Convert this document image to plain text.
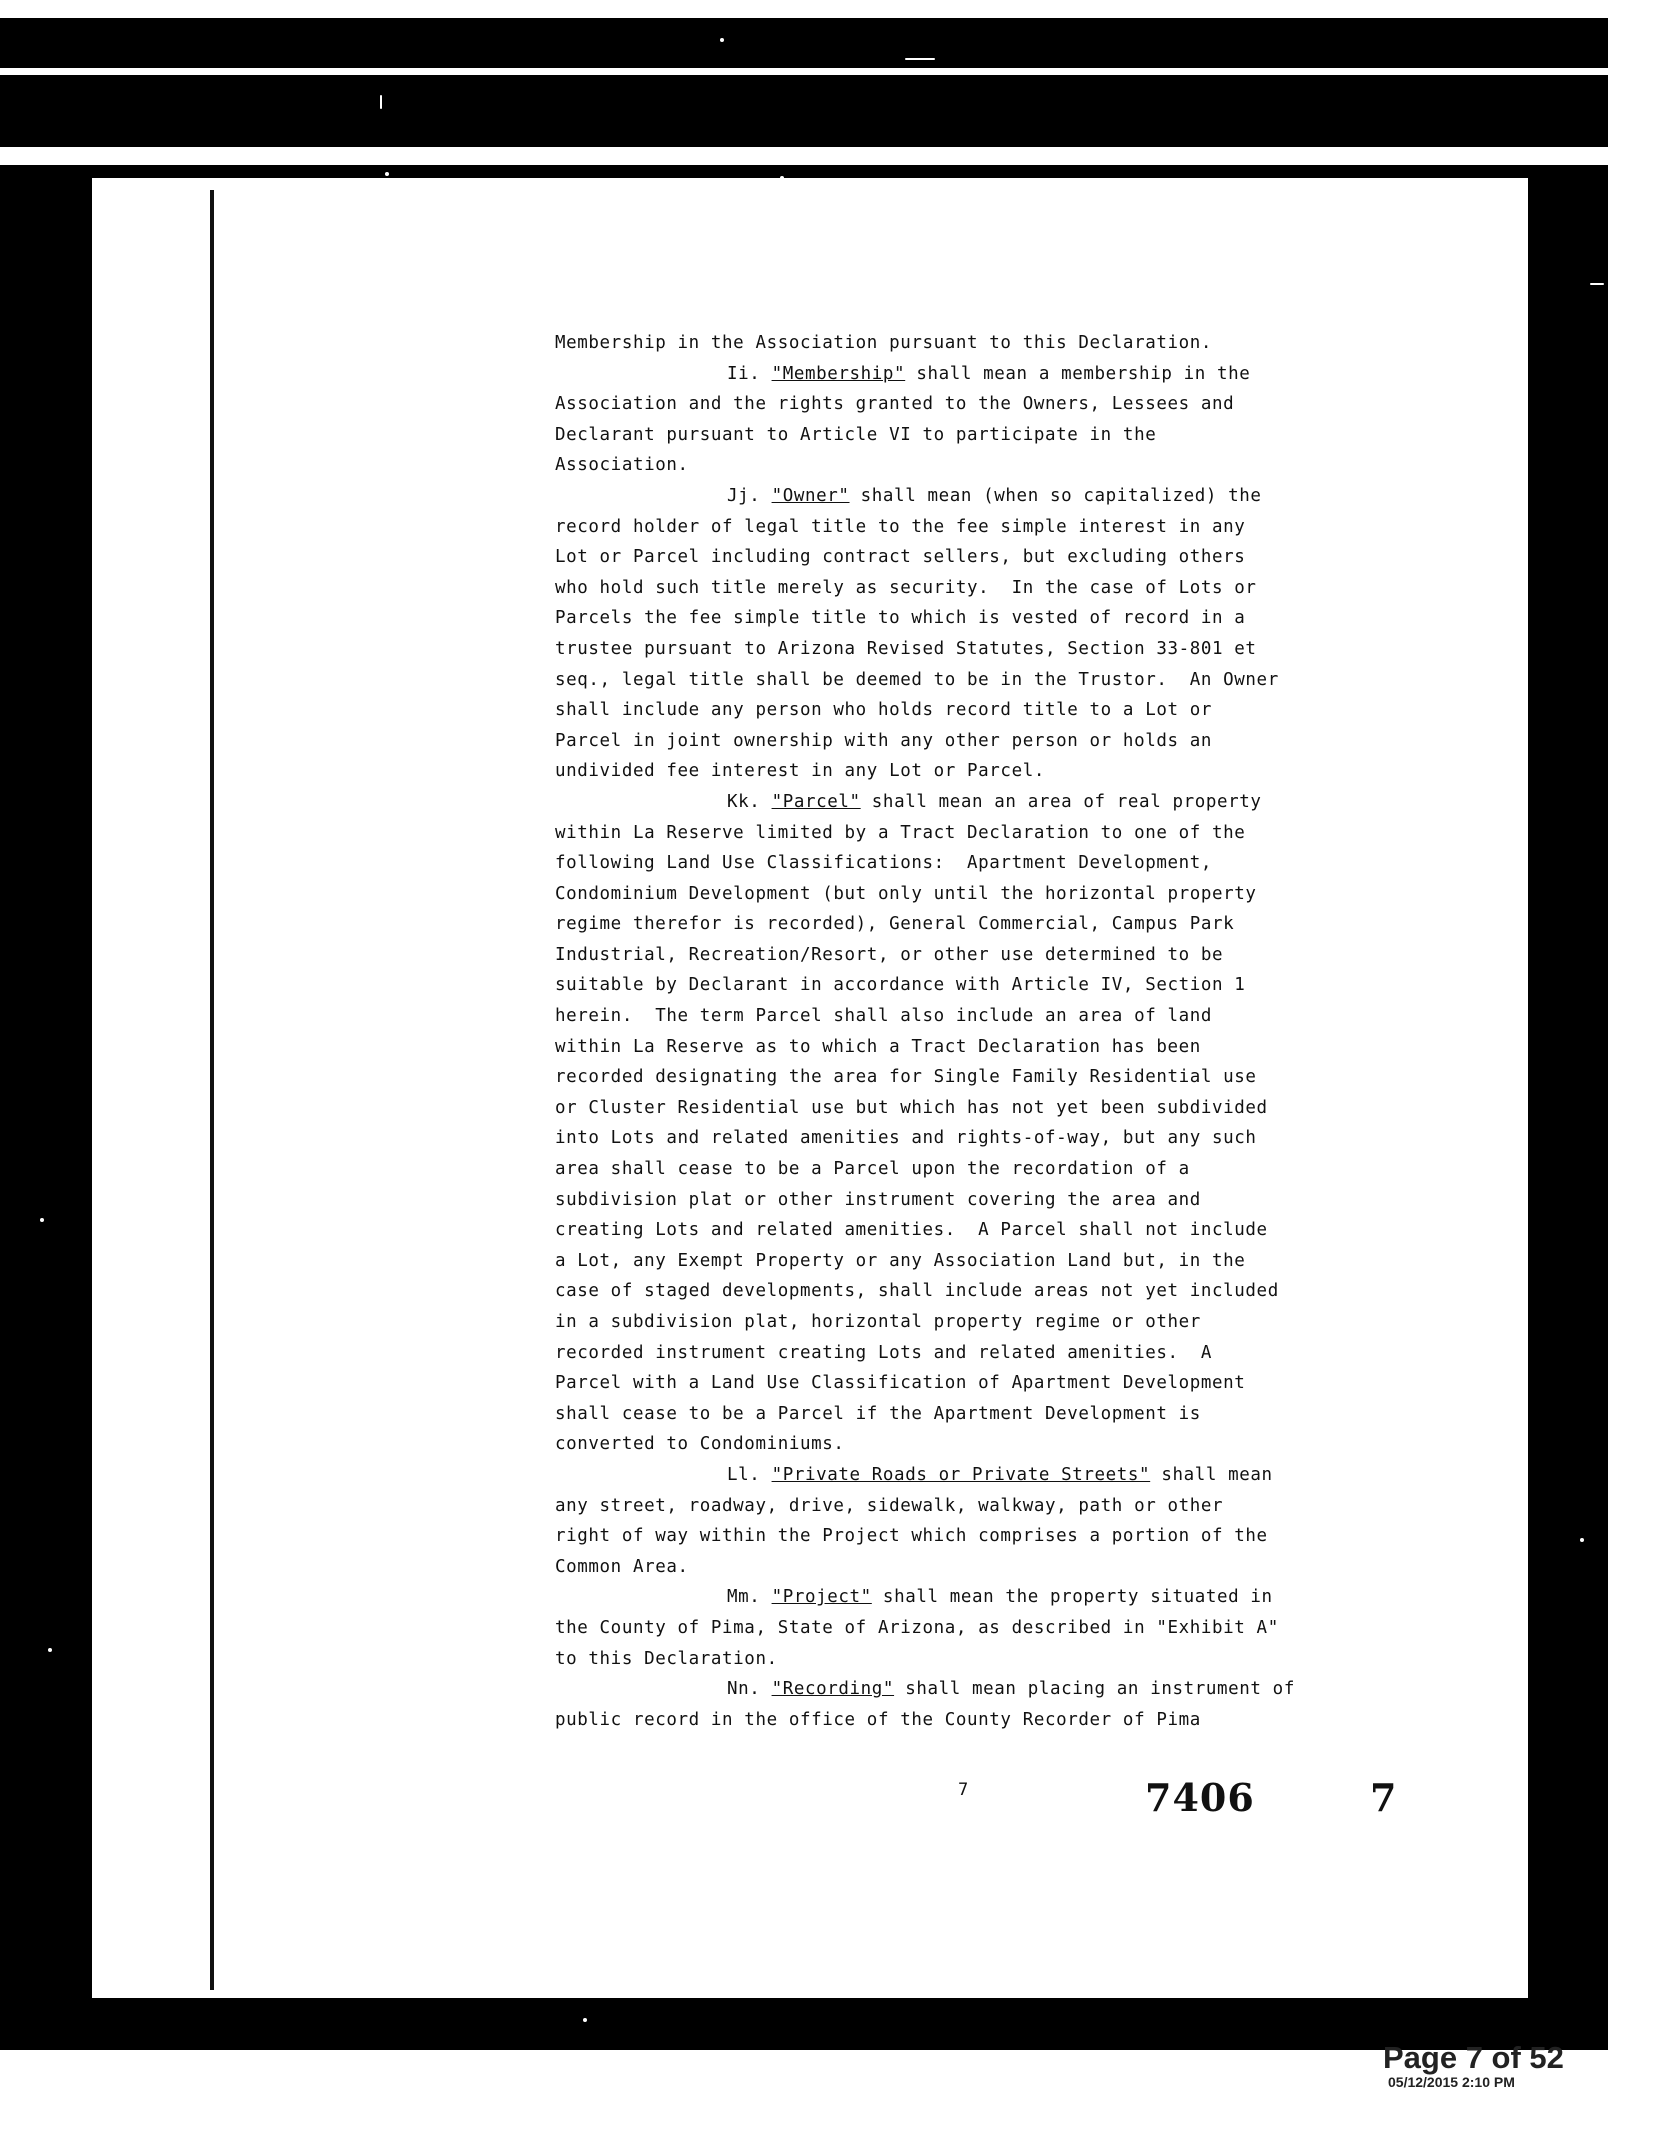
Membership in the Association pursuant to this Declaration.
Ii. "Membership" shall mean a membership in the
Association and the rights granted to the Owners, Lessees and
Declarant pursuant to Article VI to participate in the
Association.
Jj. "Owner" shall mean (when so capitalized) the
record holder of legal title to the fee simple interest in any
Lot or Parcel including contract sellers, but excluding others
who hold such title merely as security.  In the case of Lots or
Parcels the fee simple title to which is vested of record in a
trustee pursuant to Arizona Revised Statutes, Section 33-801 et
seq., legal title shall be deemed to be in the Trustor.  An Owner
shall include any person who holds record title to a Lot or
Parcel in joint ownership with any other person or holds an
undivided fee interest in any Lot or Parcel.
Kk. "Parcel" shall mean an area of real property
within La Reserve limited by a Tract Declaration to one of the
following Land Use Classifications:  Apartment Development,
Condominium Development (but only until the horizontal property
regime therefor is recorded), General Commercial, Campus Park
Industrial, Recreation/Resort, or other use determined to be
suitable by Declarant in accordance with Article IV, Section 1
herein.  The term Parcel shall also include an area of land
within La Reserve as to which a Tract Declaration has been
recorded designating the area for Single Family Residential use
or Cluster Residential use but which has not yet been subdivided
into Lots and related amenities and rights-of-way, but any such
area shall cease to be a Parcel upon the recordation of a
subdivision plat or other instrument covering the area and
creating Lots and related amenities.  A Parcel shall not include
a Lot, any Exempt Property or any Association Land but, in the
case of staged developments, shall include areas not yet included
in a subdivision plat, horizontal property regime or other
recorded instrument creating Lots and related amenities.  A
Parcel with a Land Use Classification of Apartment Development
shall cease to be a Parcel if the Apartment Development is
converted to Condominiums.
Ll. "Private Roads or Private Streets" shall mean
any street, roadway, drive, sidewalk, walkway, path or other
right of way within the Project which comprises a portion of the
Common Area.
Mm. "Project" shall mean the property situated in
the County of Pima, State of Arizona, as described in "Exhibit A"
to this Declaration.
Nn. "Recording" shall mean placing an instrument of
public record in the office of the County Recorder of Pima
7	7406	7
Page 7 of 52
05/12/2015 2:10 PM
